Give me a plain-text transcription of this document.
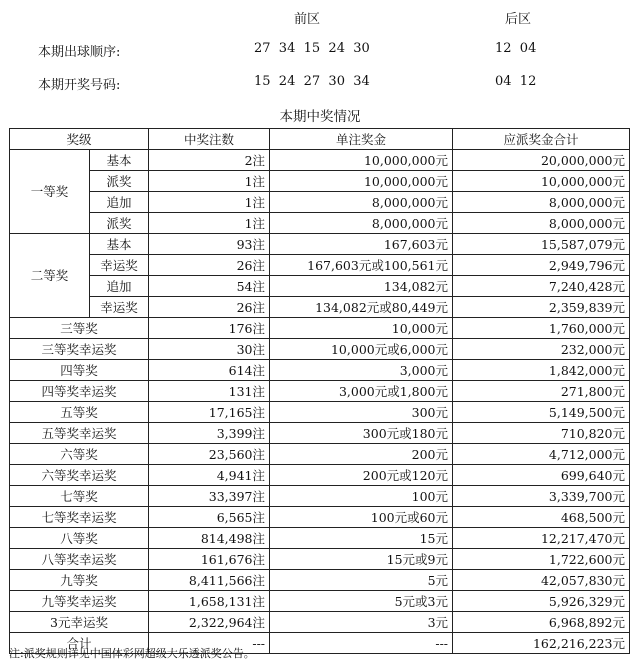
前区	后区
本期出球顺序:	27  34  15  24  30	12  04
本期开奖号码:	15  24  27  30  34	04  12
本期中奖情况
奖级		中奖注数	单注奖金	应派奖金合计
一等奖	基本	2注	10,000,000元	20,000,000元
	派奖	1注	10,000,000元	10,000,000元
	追加	1注	8,000,000元	8,000,000元
	派奖	1注	8,000,000元	8,000,000元
二等奖	基本	93注	167,603元	15,587,079元
	幸运奖	26注	167,603元或100,561元	2,949,796元
	追加	54注	134,082元	7,240,428元
	幸运奖	26注	134,082元或80,449元	2,359,839元
三等奖		176注	10,000元	1,760,000元
三等奖幸运奖		30注	10,000元或6,000元	232,000元
四等奖		614注	3,000元	1,842,000元
四等奖幸运奖		131注	3,000元或1,800元	271,800元
五等奖		17,165注	300元	5,149,500元
五等奖幸运奖		3,399注	300元或180元	710,820元
六等奖		23,560注	200元	4,712,000元
六等奖幸运奖		4,941注	200元或120元	699,640元
七等奖		33,397注	100元	3,339,700元
七等奖幸运奖		6,565注	100元或60元	468,500元
八等奖		814,498注	15元	12,217,470元
八等奖幸运奖		161,676注	15元或9元	1,722,600元
九等奖		8,411,566注	5元	42,057,830元
九等奖幸运奖		1,658,131注	5元或3元	5,926,329元
3元幸运奖		2,322,964注	3元	6,968,892元
合计		---	---	162,216,223元
注:派奖规则详见中国体彩网超级大乐透派奖公告。
